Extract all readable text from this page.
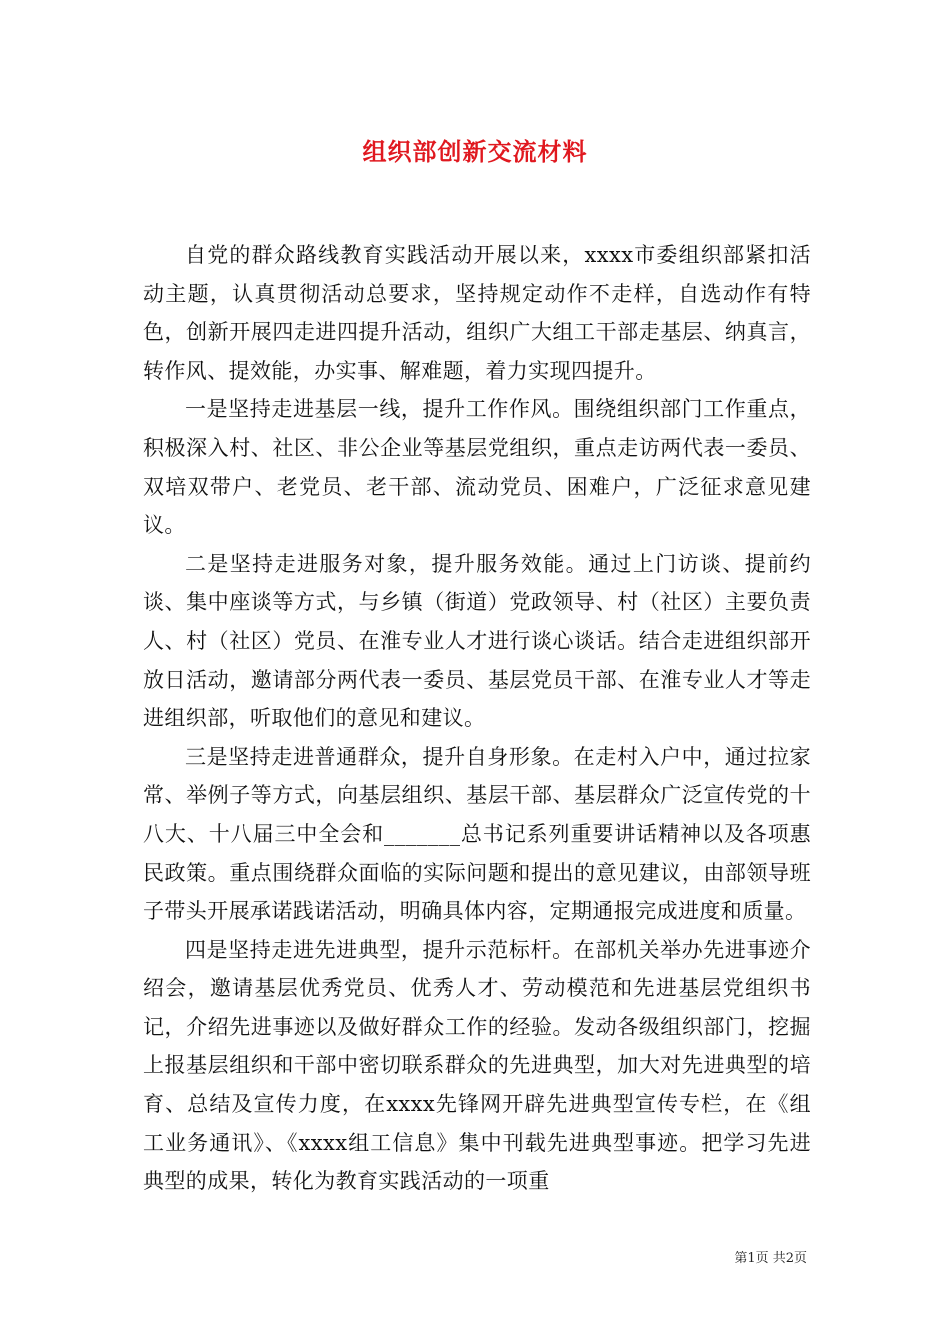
组织部创新交流材料

自党的群众路线教育实践活动开展以来，xxxx市委组织部紧扣活动主题，认真贯彻活动总要求，坚持规定动作不走样，自选动作有特色，创新开展四走进四提升活动，组织广大组工干部走基层、纳真言，转作风、提效能，办实事、解难题，着力实现四提升。

一是坚持走进基层一线，提升工作作风。围绕组织部门工作重点，积极深入村、社区、非公企业等基层党组织，重点走访两代表一委员、双培双带户、老党员、老干部、流动党员、困难户，广泛征求意见建议。

二是坚持走进服务对象，提升服务效能。通过上门访谈、提前约谈、集中座谈等方式，与乡镇（街道）党政领导、村（社区）主要负责人、村（社区）党员、在淮专业人才进行谈心谈话。结合走进组织部开放日活动，邀请部分两代表一委员、基层党员干部、在淮专业人才等走进组织部，听取他们的意见和建议。

三是坚持走进普通群众，提升自身形象。在走村入户中，通过拉家常、举例子等方式，向基层组织、基层干部、基层群众广泛宣传党的十八大、十八届三中全会和_______总书记系列重要讲话精神以及各项惠民政策。重点围绕群众面临的实际问题和提出的意见建议，由部领导班子带头开展承诺践诺活动，明确具体内容，定期通报完成进度和质量。

四是坚持走进先进典型，提升示范标杆。在部机关举办先进事迹介绍会，邀请基层优秀党员、优秀人才、劳动模范和先进基层党组织书记，介绍先进事迹以及做好群众工作的经验。发动各级组织部门，挖掘上报基层组织和干部中密切联系群众的先进典型，加大对先进典型的培育、总结及宣传力度，在xxxx先锋网开辟先进典型宣传专栏，在《组工业务通讯》、《xxxx组工信息》集中刊载先进典型事迹。把学习先进典型的成果，转化为教育实践活动的一项重

第1页 共2页
